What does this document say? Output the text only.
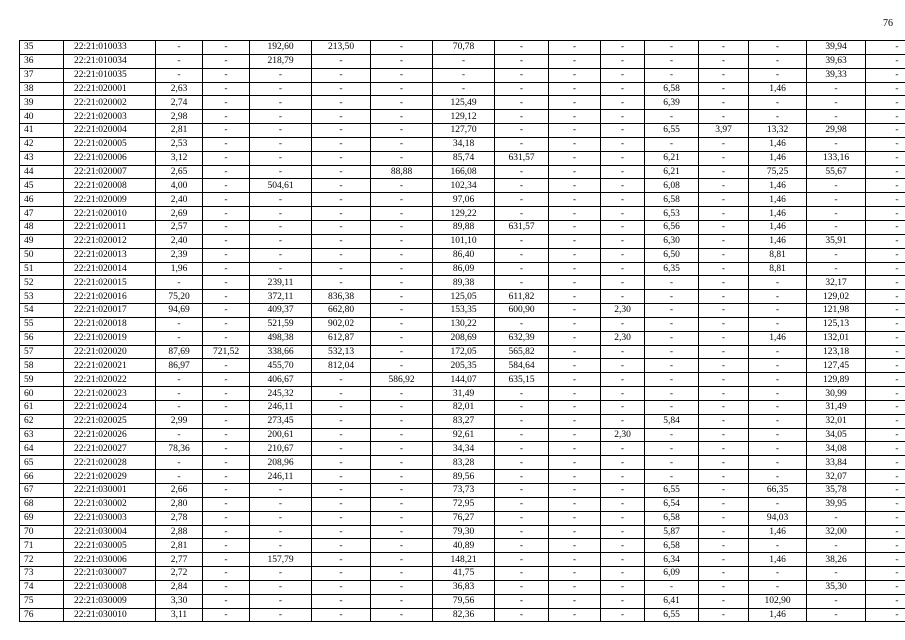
76
35	22:21:010033	-	-	192,60	213,50	-	70,78	-	-	-	-	-	-	39,94	-
36	22:21:010034	-	-	218,79	-	-	-	-	-	-	-	-	-	39,63	-
37	22:21:010035	-	-	-	-	-	-	-	-	-	-	-	-	39,33	-
38	22:21:020001	2,63	-	-	-	-	-	-	-	-	6,58	-	1,46	-	-
39	22:21:020002	2,74	-	-	-	-	125,49	-	-	-	6,39	-	-	-	-
40	22:21:020003	2,98	-	-	-	-	129,12	-	-	-	-	-	-	-	-
41	22:21:020004	2,81	-	-	-	-	127,70	-	-	-	6,55	3,97	13,32	29,98	-
42	22:21:020005	2,53	-	-	-	-	34,18	-	-	-	-	-	1,46	-	-
43	22:21:020006	3,12	-	-	-	-	85,74	631,57	-	-	6,21	-	1,46	133,16	-
44	22:21:020007	2,65	-	-	-	88,88	166,08	-	-	-	6,21	-	75,25	55,67	-
45	22:21:020008	4,00	-	504,61	-	-	102,34	-	-	-	6,08	-	1,46	-	-
46	22:21:020009	2,40	-	-	-	-	97,06	-	-	-	6,58	-	1,46	-	-
47	22:21:020010	2,69	-	-	-	-	129,22	-	-	-	6,53	-	1,46	-	-
48	22:21:020011	2,57	-	-	-	-	89,88	631,57	-	-	6,56	-	1,46	-	-
49	22:21:020012	2,40	-	-	-	-	101,10	-	-	-	6,30	-	1,46	35,91	-
50	22:21:020013	2,39	-	-	-	-	86,40	-	-	-	6,50	-	8,81	-	-
51	22:21:020014	1,96	-	-	-	-	86,09	-	-	-	6,35	-	8,81	-	-
52	22:21:020015	-	-	239,11	-	-	89,38	-	-	-	-	-	-	32,17	-
53	22:21:020016	75,20	-	372,11	836,38	-	125,05	611,82	-	-	-	-	-	129,02	-
54	22:21:020017	94,69	-	409,37	662,80	-	153,35	600,90	-	2,30	-	-	-	121,98	-
55	22:21:020018	-	-	521,59	902,02	-	130,22	-	-	-	-	-	-	125,13	-
56	22:21:020019	-	-	498,38	612,87	-	208,69	632,39	-	2,30	-	-	1,46	132,01	-
57	22:21:020020	87,69	721,52	338,66	532,13	-	172,05	565,82	-	-	-	-	-	123,18	-
58	22:21:020021	86,97	-	455,70	812,04	-	205,35	584,64	-	-	-	-	-	127,45	-
59	22:21:020022	-	-	406,67	-	586,92	144,07	635,15	-	-	-	-	-	129,89	-
60	22:21:020023	-	-	245,32	-	-	31,49	-	-	-	-	-	-	30,99	-
61	22:21:020024	-	-	246,11	-	-	82,01	-	-	-	-	-	-	31,49	-
62	22:21:020025	2,99	-	273,45	-	-	83,27	-	-	-	5,84	-	-	32,01	-
63	22:21:020026	-	-	200,61	-	-	92,61	-	-	2,30	-	-	-	34,05	-
64	22:21:020027	78,36	-	210,67	-	-	34,34	-	-	-	-	-	-	34,08	-
65	22:21:020028	-	-	208,96	-	-	83,28	-	-	-	-	-	-	33,84	-
66	22:21:020029	-	-	246,11	-	-	89,56	-	-	-	-	-	-	32,07	-
67	22:21:030001	2,66	-	-	-	-	73,73	-	-	-	6,55	-	66,35	35,78	-
68	22:21:030002	2,80	-	-	-	-	72,95	-	-	-	6,54	-	-	39,95	-
69	22:21:030003	2,78	-	-	-	-	76,27	-	-	-	6,58	-	94,03	-	-
70	22:21:030004	2,88	-	-	-	-	79,30	-	-	-	5,87	-	1,46	32,00	-
71	22:21:030005	2,81	-	-	-	-	40,89	-	-	-	6,58	-	-	-	-
72	22:21:030006	2,77	-	157,79	-	-	148,21	-	-	-	6,34	-	1,46	38,26	-
73	22:21:030007	2,72	-	-	-	-	41,75	-	-	-	6,09	-	-	-	-
74	22:21:030008	2,84	-	-	-	-	36,83	-	-	-	-	-	-	35,30	-
75	22:21:030009	3,30	-	-	-	-	79,56	-	-	-	6,41	-	102,90	-	-
76	22:21:030010	3,11	-	-	-	-	82,36	-	-	-	6,55	-	1,46	-	-
